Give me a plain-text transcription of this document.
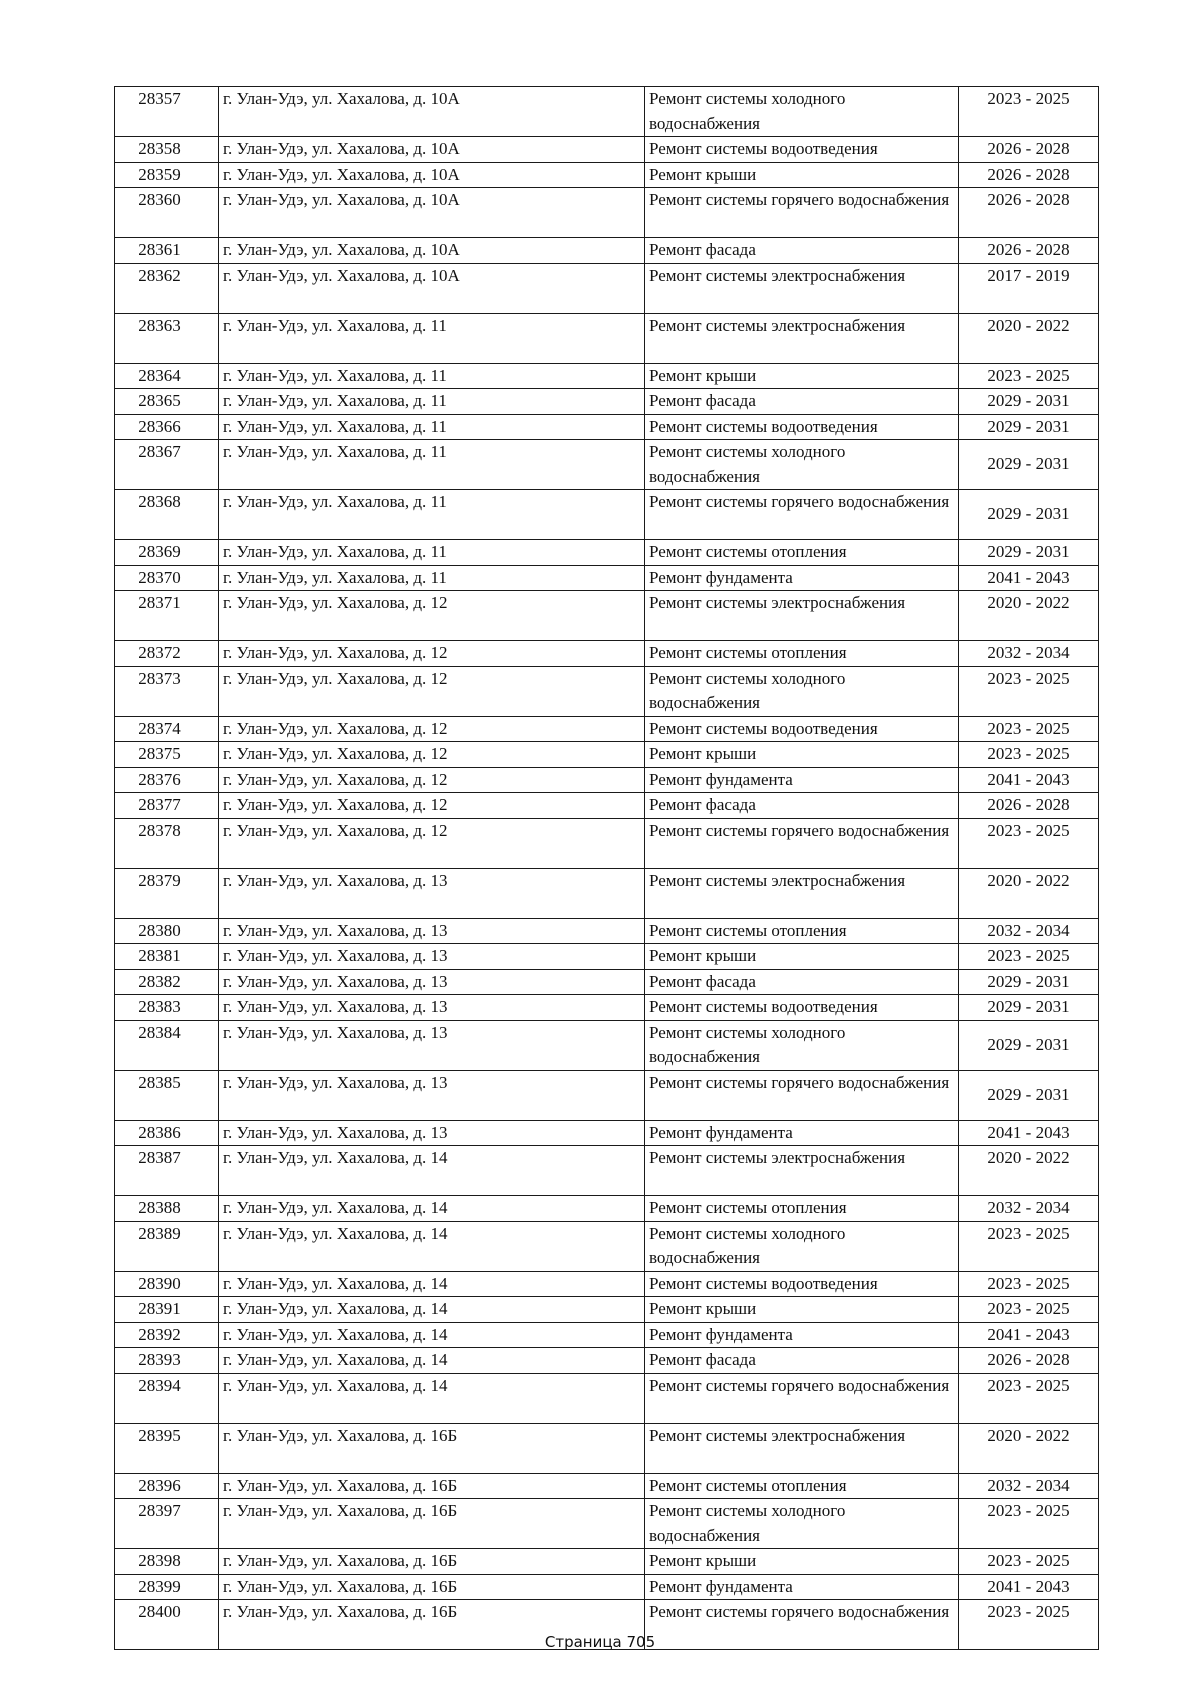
28357	г. Улан-Удэ, ул. Хахалова, д. 10А	Ремонт системы холодного водоснабжения	2023 - 2025
28358	г. Улан-Удэ, ул. Хахалова, д. 10А	Ремонт системы водоотведения	2026 - 2028
28359	г. Улан-Удэ, ул. Хахалова, д. 10А	Ремонт крыши	2026 - 2028
28360	г. Улан-Удэ, ул. Хахалова, д. 10А	Ремонт системы горячего водоснабжения	2026 - 2028
28361	г. Улан-Удэ, ул. Хахалова, д. 10А	Ремонт фасада	2026 - 2028
28362	г. Улан-Удэ, ул. Хахалова, д. 10А	Ремонт системы электроснабжения	2017 - 2019
28363	г. Улан-Удэ, ул. Хахалова, д. 11	Ремонт системы электроснабжения	2020 - 2022
28364	г. Улан-Удэ, ул. Хахалова, д. 11	Ремонт крыши	2023 - 2025
28365	г. Улан-Удэ, ул. Хахалова, д. 11	Ремонт фасада	2029 - 2031
28366	г. Улан-Удэ, ул. Хахалова, д. 11	Ремонт системы водоотведения	2029 - 2031
28367	г. Улан-Удэ, ул. Хахалова, д. 11	Ремонт системы холодного водоснабжения	2029 - 2031
28368	г. Улан-Удэ, ул. Хахалова, д. 11	Ремонт системы горячего водоснабжения	2029 - 2031
28369	г. Улан-Удэ, ул. Хахалова, д. 11	Ремонт системы отопления	2029 - 2031
28370	г. Улан-Удэ, ул. Хахалова, д. 11	Ремонт фундамента	2041 - 2043
28371	г. Улан-Удэ, ул. Хахалова, д. 12	Ремонт системы электроснабжения	2020 - 2022
28372	г. Улан-Удэ, ул. Хахалова, д. 12	Ремонт системы отопления	2032 - 2034
28373	г. Улан-Удэ, ул. Хахалова, д. 12	Ремонт системы холодного водоснабжения	2023 - 2025
28374	г. Улан-Удэ, ул. Хахалова, д. 12	Ремонт системы водоотведения	2023 - 2025
28375	г. Улан-Удэ, ул. Хахалова, д. 12	Ремонт крыши	2023 - 2025
28376	г. Улан-Удэ, ул. Хахалова, д. 12	Ремонт фундамента	2041 - 2043
28377	г. Улан-Удэ, ул. Хахалова, д. 12	Ремонт фасада	2026 - 2028
28378	г. Улан-Удэ, ул. Хахалова, д. 12	Ремонт системы горячего водоснабжения	2023 - 2025
28379	г. Улан-Удэ, ул. Хахалова, д. 13	Ремонт системы электроснабжения	2020 - 2022
28380	г. Улан-Удэ, ул. Хахалова, д. 13	Ремонт системы отопления	2032 - 2034
28381	г. Улан-Удэ, ул. Хахалова, д. 13	Ремонт крыши	2023 - 2025
28382	г. Улан-Удэ, ул. Хахалова, д. 13	Ремонт фасада	2029 - 2031
28383	г. Улан-Удэ, ул. Хахалова, д. 13	Ремонт системы водоотведения	2029 - 2031
28384	г. Улан-Удэ, ул. Хахалова, д. 13	Ремонт системы холодного водоснабжения	2029 - 2031
28385	г. Улан-Удэ, ул. Хахалова, д. 13	Ремонт системы горячего водоснабжения	2029 - 2031
28386	г. Улан-Удэ, ул. Хахалова, д. 13	Ремонт фундамента	2041 - 2043
28387	г. Улан-Удэ, ул. Хахалова, д. 14	Ремонт системы электроснабжения	2020 - 2022
28388	г. Улан-Удэ, ул. Хахалова, д. 14	Ремонт системы отопления	2032 - 2034
28389	г. Улан-Удэ, ул. Хахалова, д. 14	Ремонт системы холодного водоснабжения	2023 - 2025
28390	г. Улан-Удэ, ул. Хахалова, д. 14	Ремонт системы водоотведения	2023 - 2025
28391	г. Улан-Удэ, ул. Хахалова, д. 14	Ремонт крыши	2023 - 2025
28392	г. Улан-Удэ, ул. Хахалова, д. 14	Ремонт фундамента	2041 - 2043
28393	г. Улан-Удэ, ул. Хахалова, д. 14	Ремонт фасада	2026 - 2028
28394	г. Улан-Удэ, ул. Хахалова, д. 14	Ремонт системы горячего водоснабжения	2023 - 2025
28395	г. Улан-Удэ, ул. Хахалова, д. 16Б	Ремонт системы электроснабжения	2020 - 2022
28396	г. Улан-Удэ, ул. Хахалова, д. 16Б	Ремонт системы отопления	2032 - 2034
28397	г. Улан-Удэ, ул. Хахалова, д. 16Б	Ремонт системы холодного водоснабжения	2023 - 2025
28398	г. Улан-Удэ, ул. Хахалова, д. 16Б	Ремонт крыши	2023 - 2025
28399	г. Улан-Удэ, ул. Хахалова, д. 16Б	Ремонт фундамента	2041 - 2043
28400	г. Улан-Удэ, ул. Хахалова, д. 16Б	Ремонт системы горячего водоснабжения	2023 - 2025
Страница 705
